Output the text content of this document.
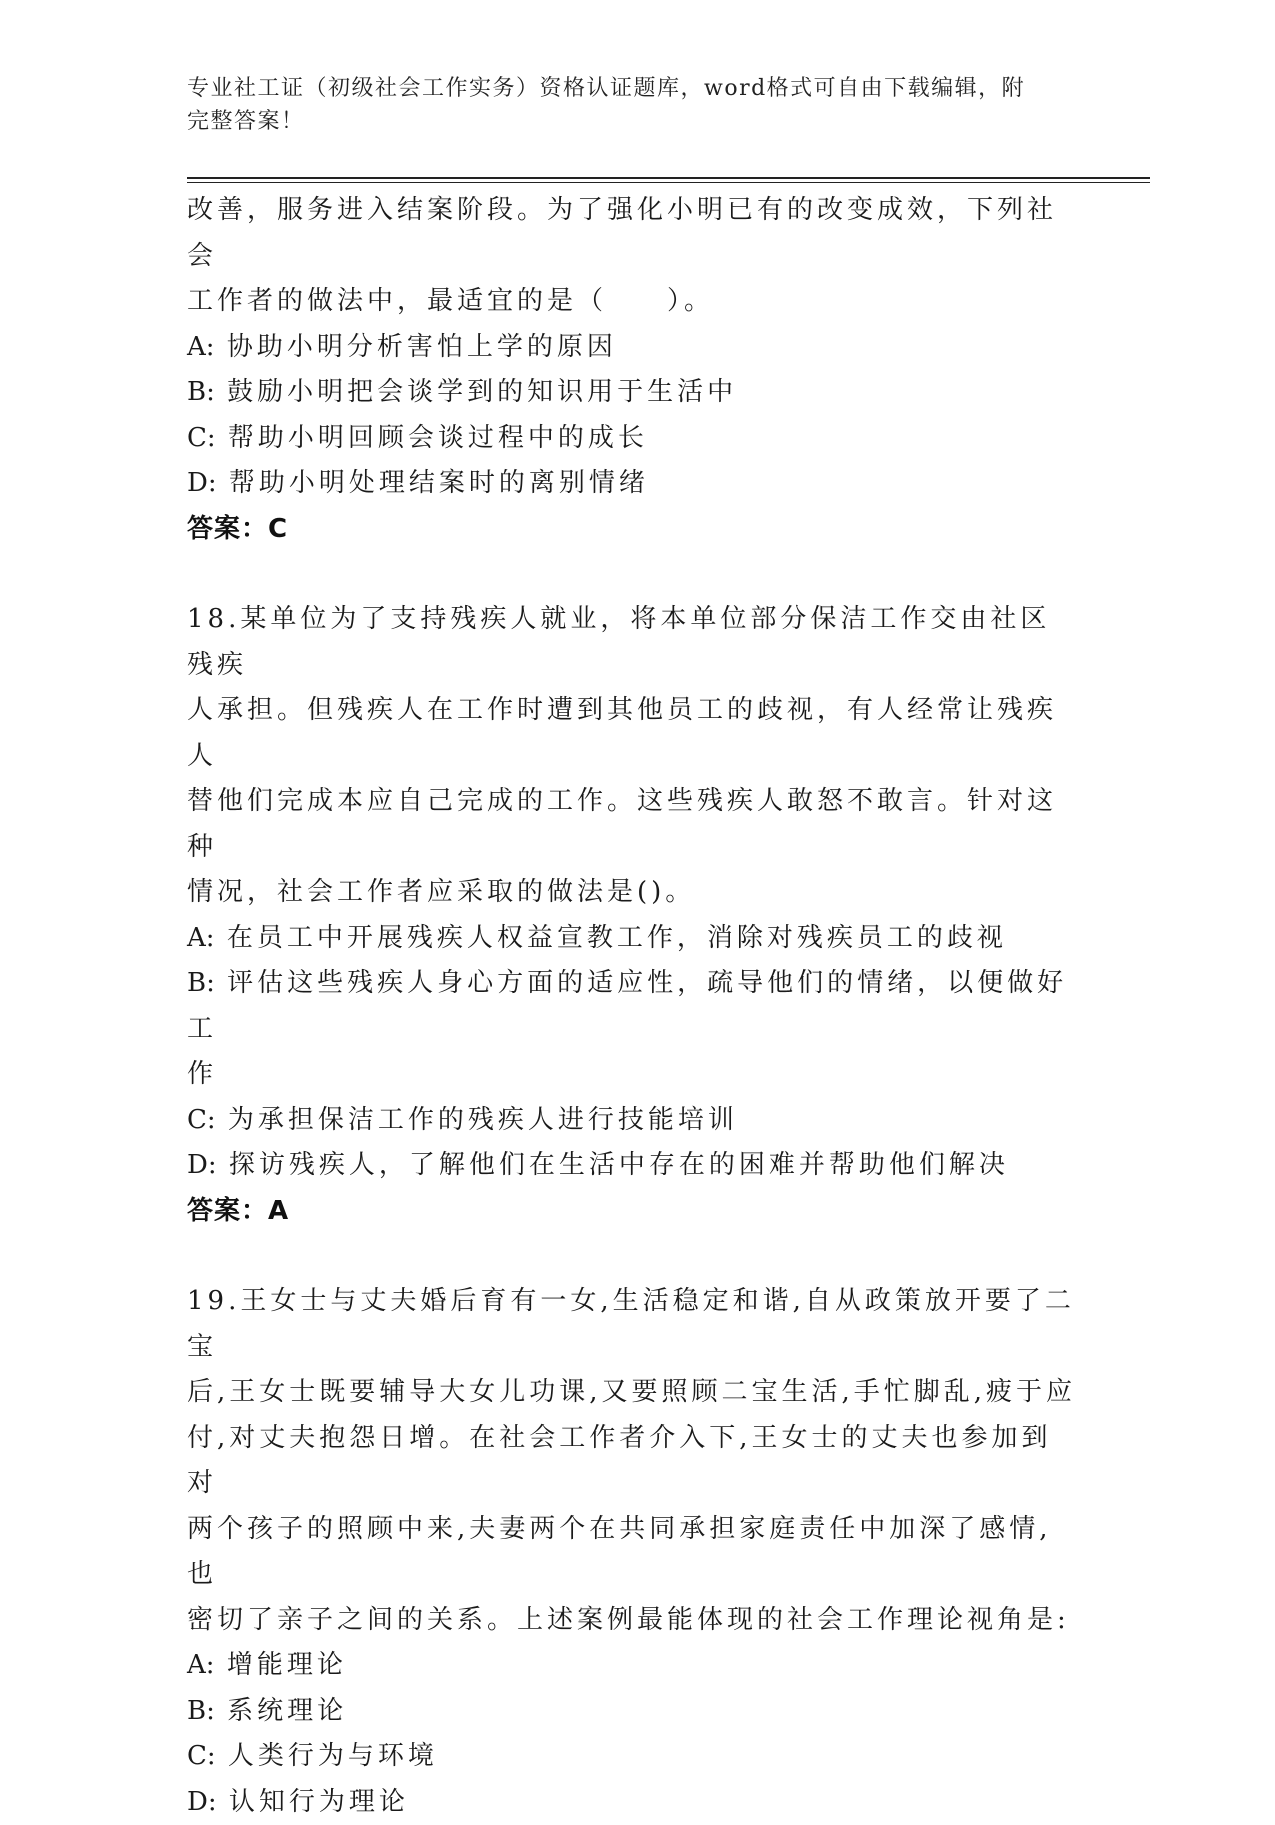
专业社工证（初级社会工作实务）资格认证题库，word格式可自由下载编辑，附
完整答案！

改善，服务进入结案阶段。为了强化小明已有的改变成效，下列社会

工作者的做法中，最适宜的是（　　）。

A: 协助小明分析害怕上学的原因

B: 鼓励小明把会谈学到的知识用于生活中

C: 帮助小明回顾会谈过程中的成长

D: 帮助小明处理结案时的离别情绪

答案：C

18.某单位为了支持残疾人就业，将本单位部分保洁工作交由社区残疾

人承担。但残疾人在工作时遭到其他员工的歧视，有人经常让残疾人

替他们完成本应自己完成的工作。这些残疾人敢怒不敢言。针对这种

情况，社会工作者应采取的做法是()。

A: 在员工中开展残疾人权益宣教工作，消除对残疾员工的歧视

B: 评估这些残疾人身心方面的适应性，疏导他们的情绪，以便做好工

作

C: 为承担保洁工作的残疾人进行技能培训

D: 探访残疾人，了解他们在生活中存在的困难并帮助他们解决

答案：A

19.王女士与丈夫婚后育有一女,生活稳定和谐,自从政策放开要了二宝

后,王女士既要辅导大女儿功课,又要照顾二宝生活,手忙脚乱,疲于应

付,对丈夫抱怨日增。在社会工作者介入下,王女士的丈夫也参加到对

两个孩子的照顾中来,夫妻两个在共同承担家庭责任中加深了感情,也

密切了亲子之间的关系。上述案例最能体现的社会工作理论视角是:

A: 增能理论

B: 系统理论

C: 人类行为与环境

D: 认知行为理论
